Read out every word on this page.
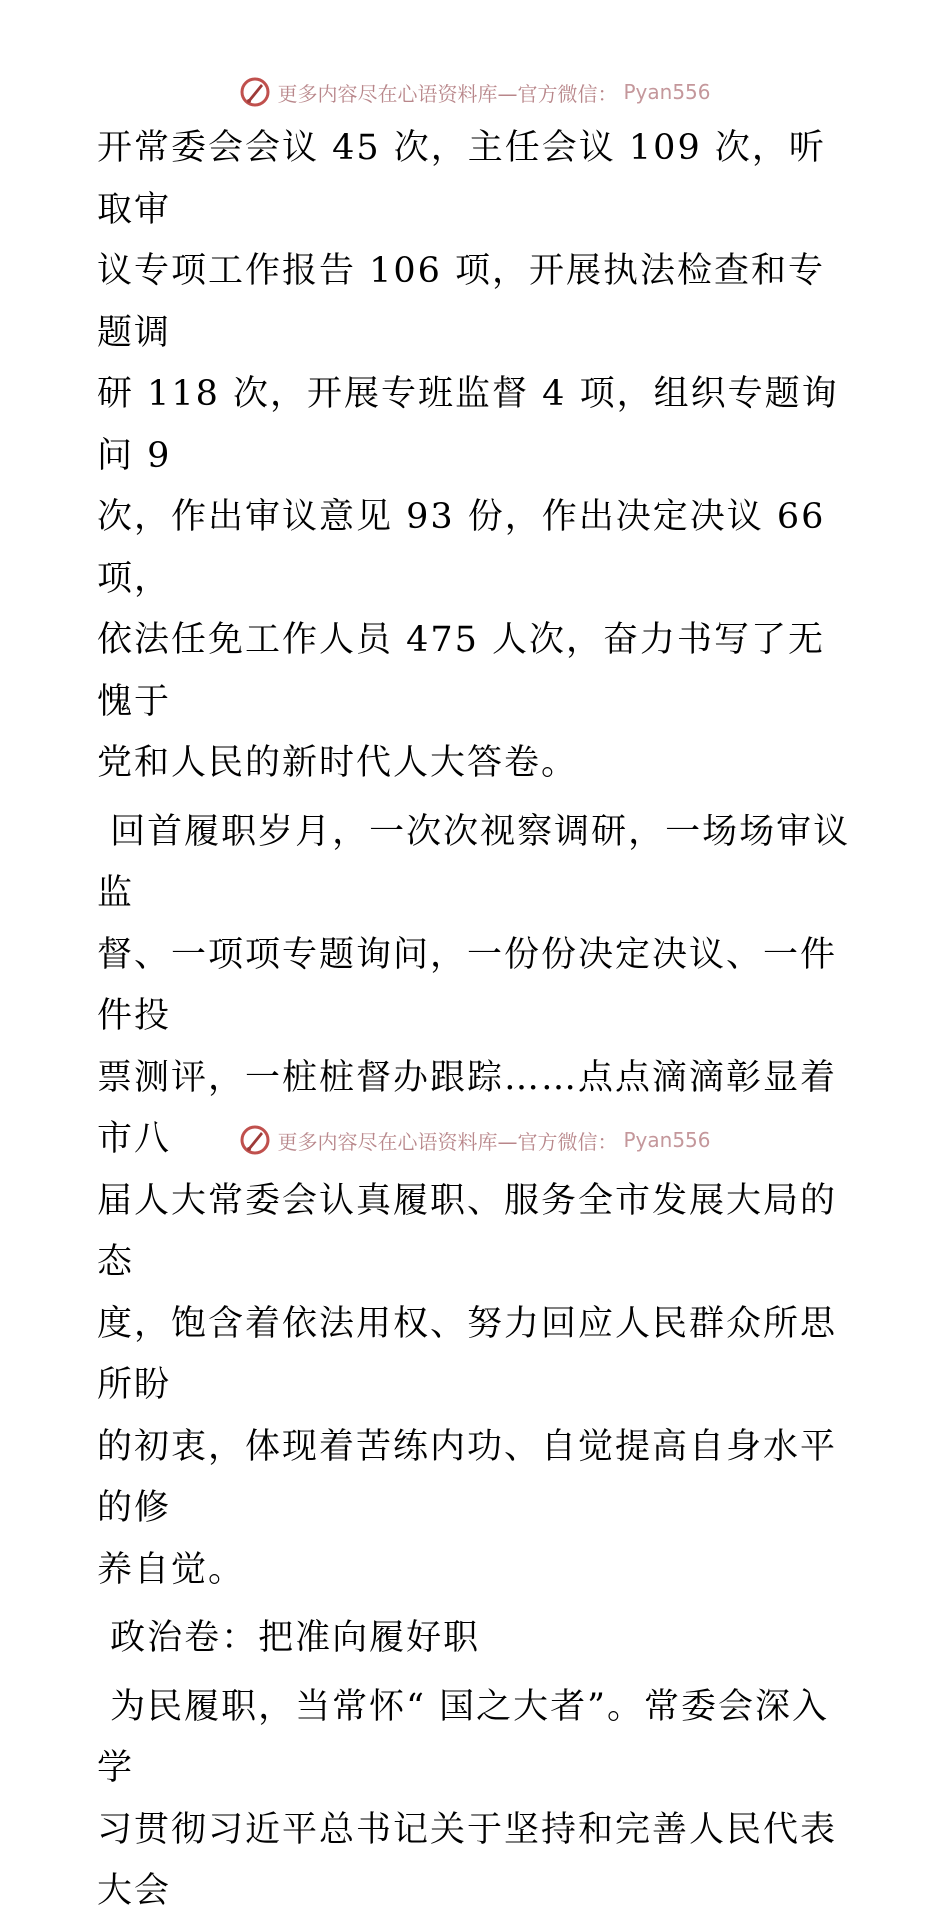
更多内容尽在心语资料库—官方微信： Pyan556

开常委会会议 45 次，主任会议 109 次，听取审
议专项工作报告 106 项，开展执法检查和专题调
研 118 次，开展专班监督 4 项，组织专题询问 9
次，作出审议意见 93 份，作出决定决议 66 项，
依法任免工作人员 475 人次，奋力书写了无愧于
党和人民的新时代人大答卷。

回首履职岁月，一次次视察调研，一场场审议监
督、一项项专题询问，一份份决定决议、一件件投
票测评，一桩桩督办跟踪……点点滴滴彰显着市八
届人大常委会认真履职、服务全市发展大局的态
度，饱含着依法用权、努力回应人民群众所思所盼
的初衷，体现着苦练内功、自觉提高自身水平的修
养自觉。

政治卷：把准向履好职

为民履职，当常怀“ 国之大者”。常委会深入学
习贯彻习近平总书记关于坚持和完善人民代表大会

更多内容尽在心语资料库—官方微信： Pyan556
